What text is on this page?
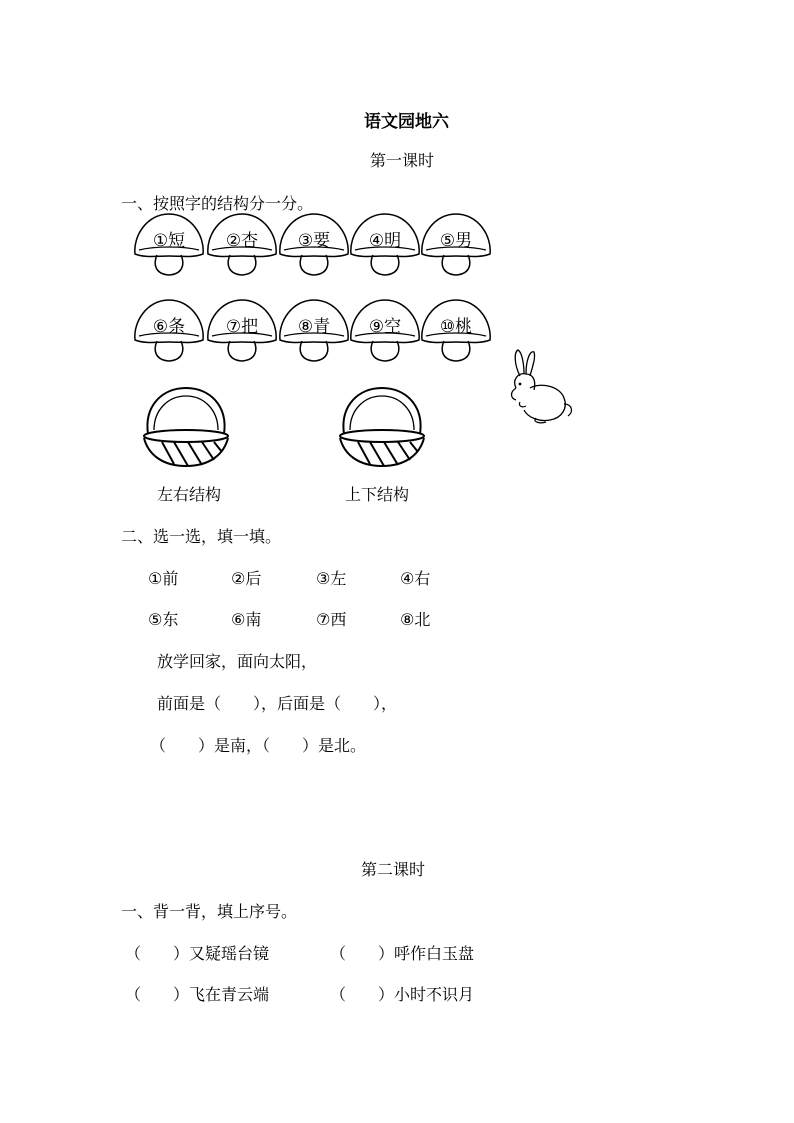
语文园地六
第一课时
一、按照字的结构分一分。
①短	②杏	③要	④明	⑤男
⑥条	⑦把	⑧青	⑨空	⑩桃
左右结构	上下结构
二、选一选，填一填。
①前	②后	③左	④右
⑤东	⑥南	⑦西	⑧北
放学回家，面向太阳，
前面是（　　），后面是（　　），
（　　）是南，（　　）是北。
第二课时
一、背一背，填上序号。
（　　）又疑瑶台镜	（　　）呼作白玉盘
（　　）飞在青云端	（　　）小时不识月
